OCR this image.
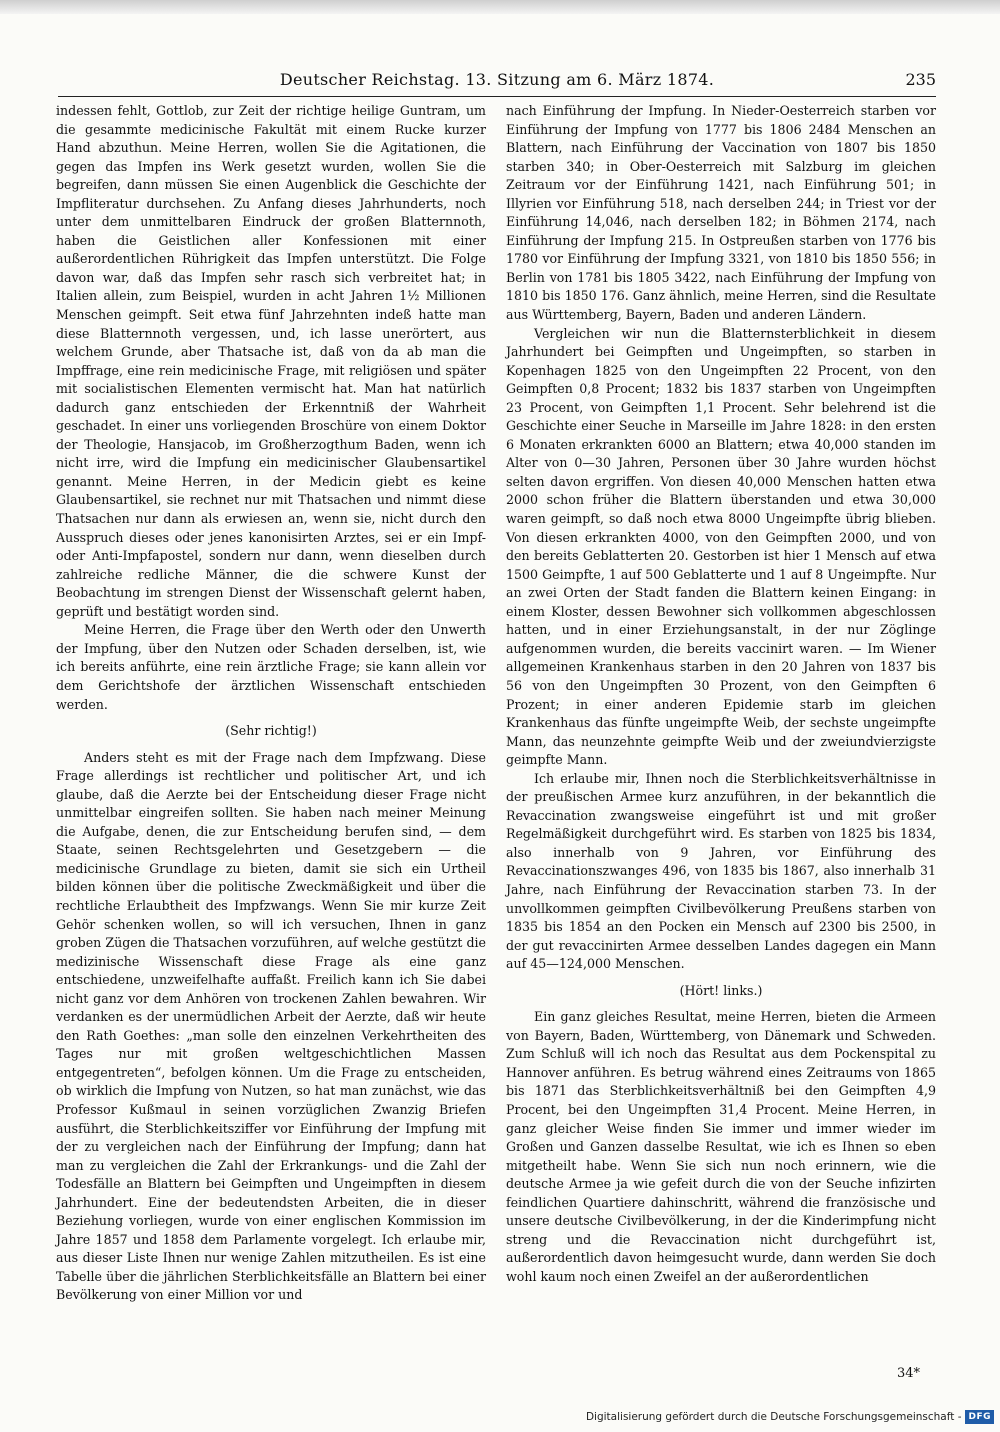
Deutscher Reichstag. 13. Sitzung am 6. März 1874.	235

indessen fehlt, Gottlob, zur Zeit der richtige heilige Guntram, um die gesammte medicinische Fakultät mit einem Rucke kurzer Hand abzuthun. Meine Herren, wollen Sie die Agitationen, die gegen das Impfen ins Werk gesetzt wurden, wollen Sie die begreifen, dann müssen Sie einen Augenblick die Geschichte der Impfliteratur durchsehen. Zu Anfang dieses Jahrhunderts, noch unter dem unmittelbaren Eindruck der großen Blatternnoth, haben die Geistlichen aller Konfessionen mit einer außerordentlichen Rührigkeit das Impfen unterstützt. Die Folge davon war, daß das Impfen sehr rasch sich verbreitet hat; in Italien allein, zum Beispiel, wurden in acht Jahren 1½ Millionen Menschen geimpft. Seit etwa fünf Jahrzehnten indeß hatte man diese Blatternnoth vergessen, und, ich lasse unerörtert, aus welchem Grunde, aber Thatsache ist, daß von da ab man die Impffrage, eine rein medicinische Frage, mit religiösen und später mit socialistischen Elementen vermischt hat. Man hat natürlich dadurch ganz entschieden der Erkenntniß der Wahrheit geschadet. In einer uns vorliegenden Broschüre von einem Doktor der Theologie, Hansjacob, im Großherzogthum Baden, wenn ich nicht irre, wird die Impfung ein medicinischer Glaubensartikel genannt. Meine Herren, in der Medicin giebt es keine Glaubensartikel, sie rechnet nur mit Thatsachen und nimmt diese Thatsachen nur dann als erwiesen an, wenn sie, nicht durch den Ausspruch dieses oder jenes kanonisirten Arztes, sei er ein Impf- oder Anti-Impfapostel, sondern nur dann, wenn dieselben durch zahlreiche redliche Männer, die die schwere Kunst der Beobachtung im strengen Dienst der Wissenschaft gelernt haben, geprüft und bestätigt worden sind.

Meine Herren, die Frage über den Werth oder den Unwerth der Impfung, über den Nutzen oder Schaden derselben, ist, wie ich bereits anführte, eine rein ärztliche Frage; sie kann allein vor dem Gerichtshofe der ärztlichen Wissenschaft entschieden werden.

(Sehr richtig!)

Anders steht es mit der Frage nach dem Impfzwang. Diese Frage allerdings ist rechtlicher und politischer Art, und ich glaube, daß die Aerzte bei der Entscheidung dieser Frage nicht unmittelbar eingreifen sollten. Sie haben nach meiner Meinung die Aufgabe, denen, die zur Entscheidung berufen sind, — dem Staate, seinen Rechtsgelehrten und Gesetzgebern — die medicinische Grundlage zu bieten, damit sie sich ein Urtheil bilden können über die politische Zweckmäßigkeit und über die rechtliche Erlaubtheit des Impfzwangs. Wenn Sie mir kurze Zeit Gehör schenken wollen, so will ich versuchen, Ihnen in ganz groben Zügen die Thatsachen vorzuführen, auf welche gestützt die medizinische Wissenschaft diese Frage als eine ganz entschiedene, unzweifelhafte auffaßt. Freilich kann ich Sie dabei nicht ganz vor dem Anhören von trockenen Zahlen bewahren. Wir verdanken es der unermüdlichen Arbeit der Aerzte, daß wir heute den Rath Goethes: „man solle den einzelnen Verkehrtheiten des Tages nur mit großen weltgeschichtlichen Massen entgegentreten“, befolgen können. Um die Frage zu entscheiden, ob wirklich die Impfung von Nutzen, so hat man zunächst, wie das Professor Kußmaul in seinen vorzüglichen Zwanzig Briefen ausführt, die Sterblichkeitsziffer vor Einführung der Impfung mit der zu vergleichen nach der Einführung der Impfung; dann hat man zu vergleichen die Zahl der Erkrankungs- und die Zahl der Todesfälle an Blattern bei Geimpften und Ungeimpften in diesem Jahrhundert. Eine der bedeutendsten Arbeiten, die in dieser Beziehung vorliegen, wurde von einer englischen Kommission im Jahre 1857 und 1858 dem Parlamente vorgelegt. Ich erlaube mir, aus dieser Liste Ihnen nur wenige Zahlen mitzutheilen. Es ist eine Tabelle über die jährlichen Sterblichkeitsfälle an Blattern bei einer Bevölkerung von einer Million vor und

nach Einführung der Impfung. In Nieder-Oesterreich starben vor Einführung der Impfung von 1777 bis 1806 2484 Menschen an Blattern, nach Einführung der Vaccination von 1807 bis 1850 starben 340; in Ober-Oesterreich mit Salzburg im gleichen Zeitraum vor der Einführung 1421, nach Einführung 501; in Illyrien vor Einführung 518, nach derselben 244; in Triest vor der Einführung 14,046, nach derselben 182; in Böhmen 2174, nach Einführung der Impfung 215. In Ostpreußen starben von 1776 bis 1780 vor Einführung der Impfung 3321, von 1810 bis 1850 556; in Berlin von 1781 bis 1805 3422, nach Einführung der Impfung von 1810 bis 1850 176. Ganz ähnlich, meine Herren, sind die Resultate aus Württemberg, Bayern, Baden und anderen Ländern.

Vergleichen wir nun die Blatternsterblichkeit in diesem Jahrhundert bei Geimpften und Ungeimpften, so starben in Kopenhagen 1825 von den Ungeimpften 22 Procent, von den Geimpften 0,8 Procent; 1832 bis 1837 starben von Ungeimpften 23 Procent, von Geimpften 1,1 Procent. Sehr belehrend ist die Geschichte einer Seuche in Marseille im Jahre 1828: in den ersten 6 Monaten erkrankten 6000 an Blattern; etwa 40,000 standen im Alter von 0—30 Jahren, Personen über 30 Jahre wurden höchst selten davon ergriffen. Von diesen 40,000 Menschen hatten etwa 2000 schon früher die Blattern überstanden und etwa 30,000 waren geimpft, so daß noch etwa 8000 Ungeimpfte übrig blieben. Von diesen erkrankten 4000, von den Geimpften 2000, und von den bereits Geblatterten 20. Gestorben ist hier 1 Mensch auf etwa 1500 Geimpfte, 1 auf 500 Geblatterte und 1 auf 8 Ungeimpfte. Nur an zwei Orten der Stadt fanden die Blattern keinen Eingang: in einem Kloster, dessen Bewohner sich vollkommen abgeschlossen hatten, und in einer Erziehungsanstalt, in der nur Zöglinge aufgenommen wurden, die bereits vaccinirt waren. — Im Wiener allgemeinen Krankenhaus starben in den 20 Jahren von 1837 bis 56 von den Ungeimpften 30 Prozent, von den Geimpften 6 Prozent; in einer anderen Epidemie starb im gleichen Krankenhaus das fünfte ungeimpfte Weib, der sechste ungeimpfte Mann, das neunzehnte geimpfte Weib und der zweiundvierzigste geimpfte Mann.

Ich erlaube mir, Ihnen noch die Sterblichkeitsverhältnisse in der preußischen Armee kurz anzuführen, in der bekanntlich die Revaccination zwangsweise eingeführt ist und mit großer Regelmäßigkeit durchgeführt wird. Es starben von 1825 bis 1834, also innerhalb von 9 Jahren, vor Einführung des Revaccinationszwanges 496, von 1835 bis 1867, also innerhalb 31 Jahre, nach Einführung der Revaccination starben 73. In der unvollkommen geimpften Civilbevölkerung Preußens starben von 1835 bis 1854 an den Pocken ein Mensch auf 2300 bis 2500, in der gut revaccinirten Armee desselben Landes dagegen ein Mann auf 45—124,000 Menschen.

(Hört! links.)

Ein ganz gleiches Resultat, meine Herren, bieten die Armeen von Bayern, Baden, Württemberg, von Dänemark und Schweden. Zum Schluß will ich noch das Resultat aus dem Pockenspital zu Hannover anführen. Es betrug während eines Zeitraums von 1865 bis 1871 das Sterblichkeitsverhältniß bei den Geimpften 4,9 Procent, bei den Ungeimpften 31,4 Procent. Meine Herren, in ganz gleicher Weise finden Sie immer und immer wieder im Großen und Ganzen dasselbe Resultat, wie ich es Ihnen so eben mitgetheilt habe. Wenn Sie sich nun noch erinnern, wie die deutsche Armee ja wie gefeit durch die von der Seuche infizirten feindlichen Quartiere dahinschritt, während die französische und unsere deutsche Civilbevölkerung, in der die Kinderimpfung nicht streng und die Revaccination nicht durchgeführt ist, außerordentlich davon heimgesucht wurde, dann werden Sie doch wohl kaum noch einen Zweifel an der außerordentlichen

34*
Digitalisierung gefördert durch die Deutsche Forschungsgemeinschaft - DFG
